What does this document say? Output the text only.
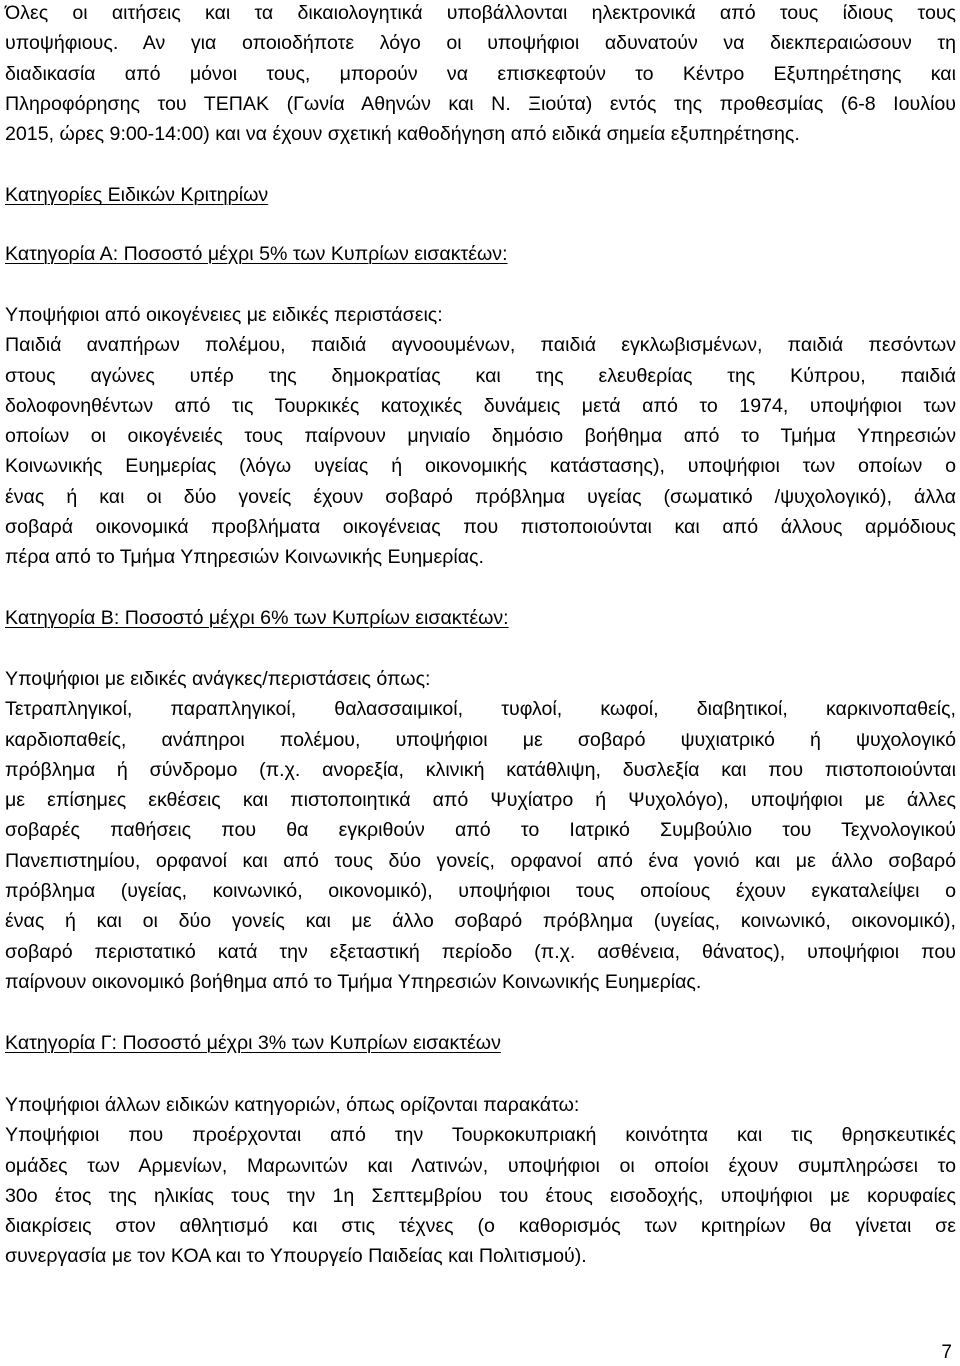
Όλες οι αιτήσεις και τα δικαιολογητικά υποβάλλονται ηλεκτρονικά από τους ίδιους τους
υποψήφιους. Αν για οποιοδήποτε λόγο οι υποψήφιοι αδυνατούν να διεκπεραιώσουν τη
διαδικασία από μόνοι τους, μπορούν να επισκεφτούν το Κέντρο Εξυπηρέτησης και
Πληροφόρησης του ΤΕΠΑΚ (Γωνία Αθηνών και Ν. Ξιούτα) εντός της προθεσμίας (6-8 Ιουλίου
2015, ώρες 9:00-14:00) και να έχουν σχετική καθοδήγηση από ειδικά σημεία εξυπηρέτησης.
Κατηγορίες Ειδικών Κριτηρίων
Κατηγορία Α: Ποσοστό μέχρι 5% των Κυπρίων εισακτέων:
Υποψήφιοι από οικογένειες με ειδικές περιστάσεις:
Παιδιά αναπήρων πολέμου, παιδιά αγνοουμένων, παιδιά εγκλωβισμένων, παιδιά πεσόντων
στους αγώνες υπέρ της δημοκρατίας και της ελευθερίας της Κύπρου, παιδιά
δολοφονηθέντων από τις Τουρκικές κατοχικές δυνάμεις μετά από το 1974, υποψήφιοι των
οποίων οι οικογένειές τους παίρνουν μηνιαίο δημόσιο βοήθημα από το Τμήμα Υπηρεσιών
Κοινωνικής Ευημερίας (λόγω υγείας ή οικονομικής κατάστασης), υποψήφιοι των οποίων ο
ένας ή και οι δύο γονείς έχουν σοβαρό πρόβλημα υγείας (σωματικό /ψυχολογικό), άλλα
σοβαρά οικονομικά προβλήματα οικογένειας που πιστοποιούνται και από άλλους αρμόδιους
πέρα από το Τμήμα Υπηρεσιών Κοινωνικής Ευημερίας.
Κατηγορία Β: Ποσοστό μέχρι 6% των Κυπρίων εισακτέων:
Υποψήφιοι με ειδικές ανάγκες/περιστάσεις όπως:
Τετραπληγικοί, παραπληγικοί, θαλασσαιμικοί, τυφλοί, κωφοί, διαβητικοί, καρκινοπαθείς,
καρδιοπαθείς, ανάπηροι πολέμου, υποψήφιοι με σοβαρό ψυχιατρικό ή ψυχολογικό
πρόβλημα ή σύνδρομο (π.χ. ανορεξία, κλινική κατάθλιψη, δυσλεξία και που πιστοποιούνται
με επίσημες εκθέσεις και πιστοποιητικά από Ψυχίατρο ή Ψυχολόγο), υποψήφιοι με άλλες
σοβαρές παθήσεις που θα εγκριθούν από το Ιατρικό Συμβούλιο του Τεχνολογικού
Πανεπιστημίου, ορφανοί και από τους δύο γονείς, ορφανοί από ένα γονιό και με άλλο σοβαρό
πρόβλημα (υγείας, κοινωνικό, οικονομικό), υποψήφιοι τους οποίους έχουν εγκαταλείψει ο
ένας ή και οι δύο γονείς και με άλλο σοβαρό πρόβλημα (υγείας, κοινωνικό, οικονομικό),
σοβαρό περιστατικό κατά την εξεταστική περίοδο (π.χ. ασθένεια, θάνατος), υποψήφιοι που
παίρνουν οικονομικό βοήθημα από το Τμήμα Υπηρεσιών Κοινωνικής Ευημερίας.
Κατηγορία Γ: Ποσοστό μέχρι 3% των Κυπρίων εισακτέων
Υποψήφιοι άλλων ειδικών κατηγοριών, όπως ορίζονται παρακάτω:
Υποψήφιοι που προέρχονται από την Τουρκοκυπριακή κοινότητα και τις θρησκευτικές
ομάδες των Αρμενίων, Μαρωνιτών και Λατινών, υποψήφιοι οι οποίοι έχουν συμπληρώσει το
30ο έτος της ηλικίας τους την 1η Σεπτεμβρίου του έτους εισοδοχής, υποψήφιοι με κορυφαίες
διακρίσεις στον αθλητισμό και στις τέχνες (ο καθορισμός των κριτηρίων θα γίνεται σε
συνεργασία με τον ΚΟΑ και το Υπουργείο Παιδείας και Πολιτισμού).
7
